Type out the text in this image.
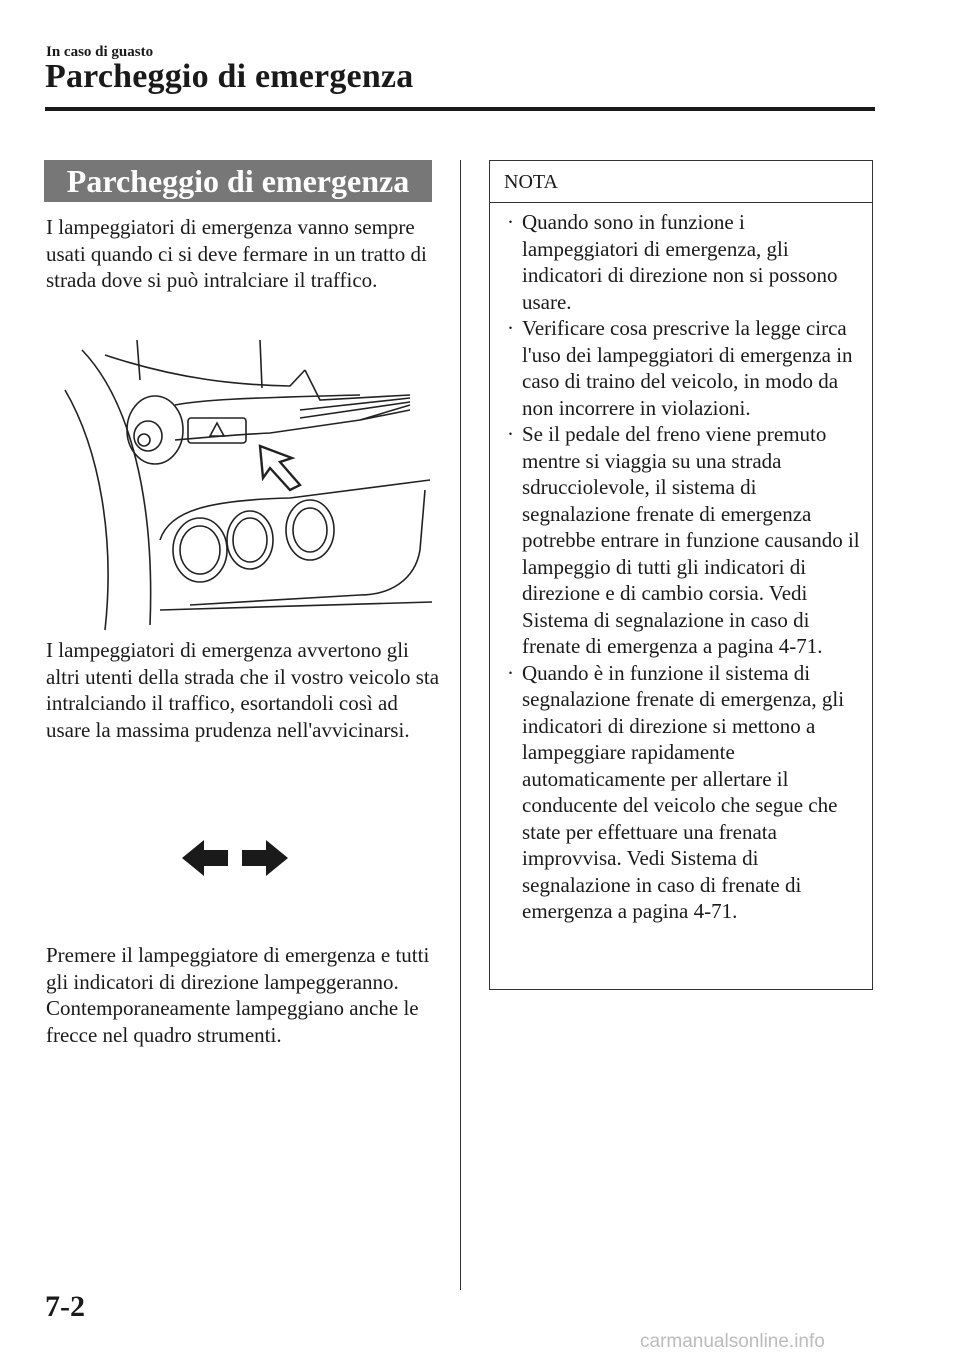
In caso di guasto
Parcheggio di emergenza
Parcheggio di emergenza
I lampeggiatori di emergenza vanno sempre usati quando ci si deve fermare in un tratto di strada dove si può intralciare il traffico.
I lampeggiatori di emergenza avvertono gli altri utenti della strada che il vostro veicolo sta intralciando il traffico, esortandoli così ad usare la massima prudenza nell'avvicinarsi.
Premere il lampeggiatore di emergenza e tutti gli indicatori di direzione lampeggeranno. Contemporaneamente lampeggiano anche le frecce nel quadro strumenti.
NOTA
· Quando sono in funzione i lampeggiatori di emergenza, gli indicatori di direzione non si possono usare.
· Verificare cosa prescrive la legge circa l'uso dei lampeggiatori di emergenza in caso di traino del veicolo, in modo da non incorrere in violazioni.
· Se il pedale del freno viene premuto mentre si viaggia su una strada sdrucciolevole, il sistema di segnalazione frenate di emergenza potrebbe entrare in funzione causando il lampeggio di tutti gli indicatori di direzione e di cambio corsia. Vedi Sistema di segnalazione in caso di frenate di emergenza a pagina 4-71.
· Quando è in funzione il sistema di segnalazione frenate di emergenza, gli indicatori di direzione si mettono a lampeggiare rapidamente automaticamente per allertare il conducente del veicolo che segue che state per effettuare una frenata improvvisa. Vedi Sistema di segnalazione in caso di frenate di emergenza a pagina 4-71.
7-2
carmanualsonline.info
